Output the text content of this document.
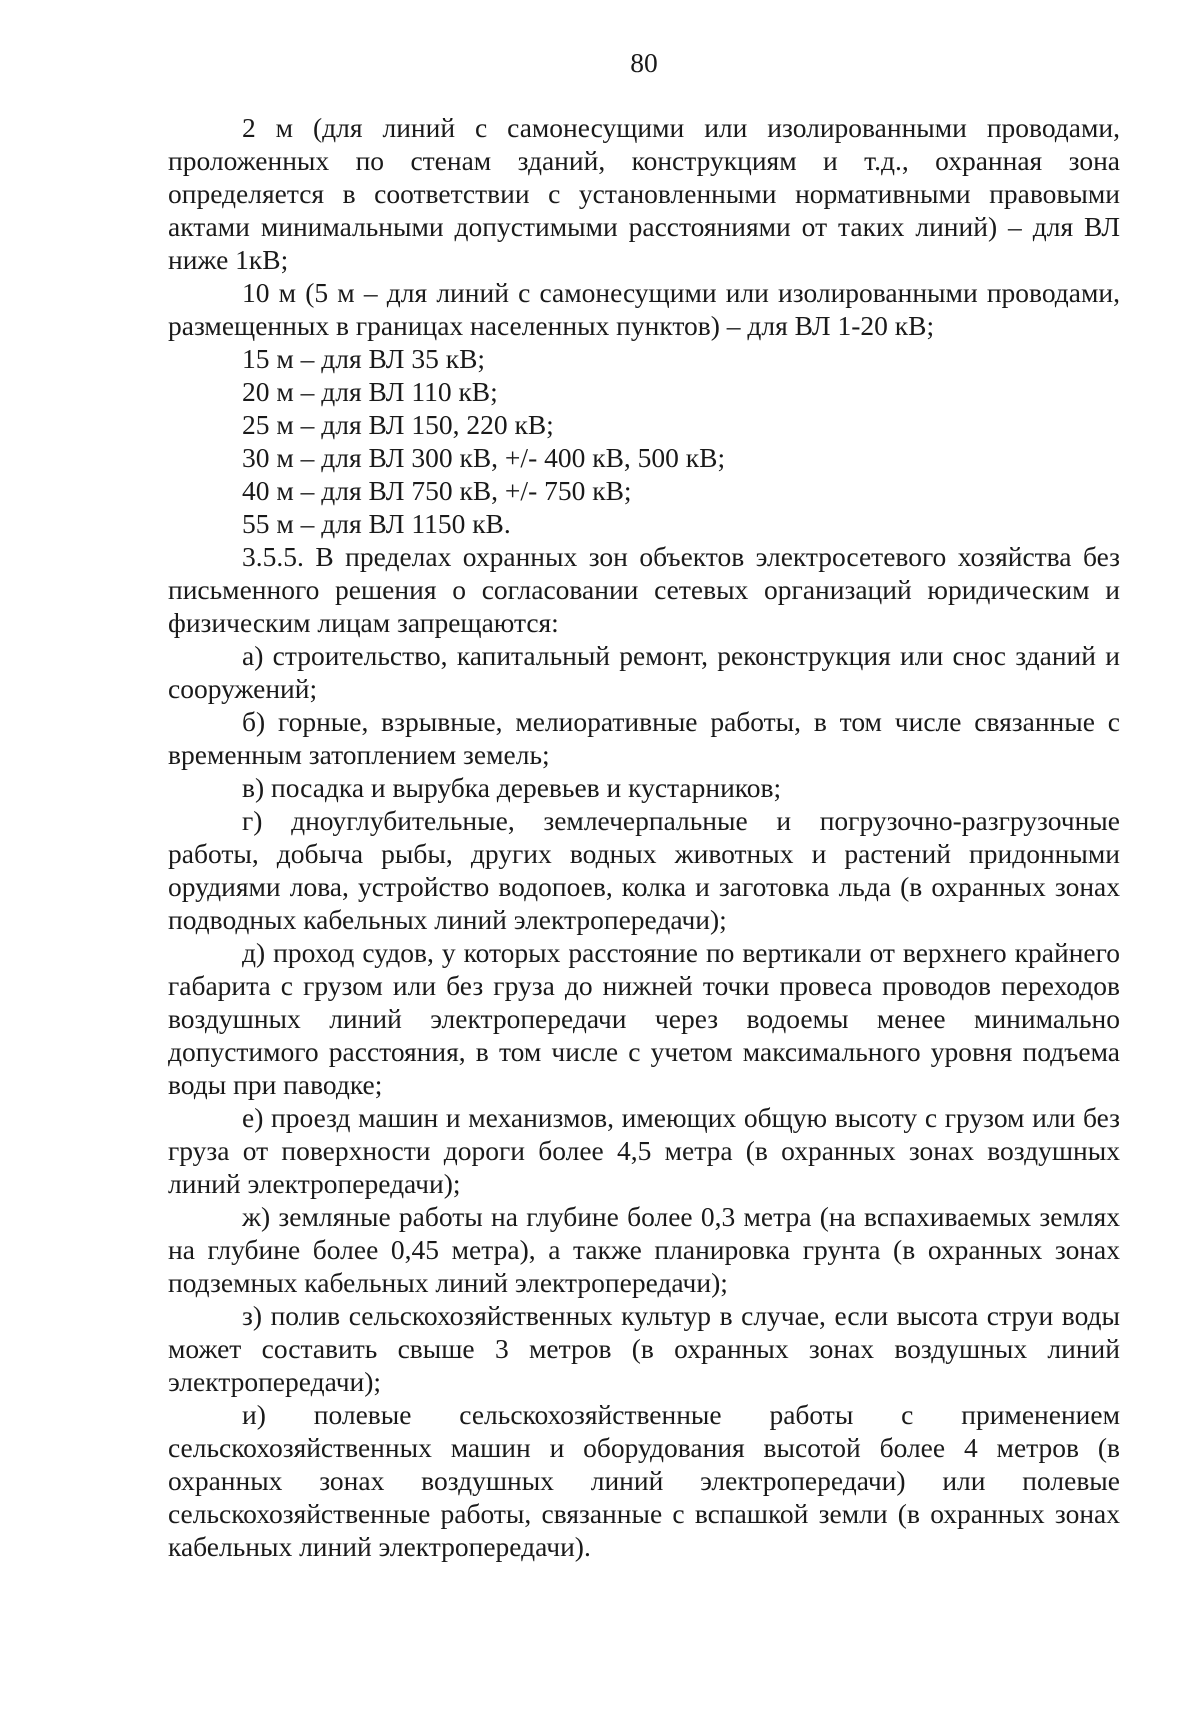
80

2 м (для линий с самонесущими или изолированными проводами, проложенных по стенам зданий, конструкциям и т.д., охранная зона определяется в соответствии с установленными нормативными правовыми актами минимальными допустимыми расстояниями от таких линий) – для ВЛ ниже 1кВ;

10 м (5 м – для линий с самонесущими или изолированными проводами, размещенных в границах населенных пунктов) – для ВЛ 1-20 кВ;

15 м – для ВЛ 35 кВ;

20 м – для ВЛ 110 кВ;

25 м – для ВЛ 150, 220 кВ;

30 м – для ВЛ 300 кВ, +/- 400 кВ, 500 кВ;

40 м – для ВЛ 750 кВ, +/- 750 кВ;

55 м – для ВЛ 1150 кВ.

3.5.5. В пределах охранных зон объектов электросетевого хозяйства без письменного решения о согласовании сетевых организаций юридическим и физическим лицам запрещаются:

а) строительство, капитальный ремонт, реконструкция или снос зданий и сооружений;

б) горные, взрывные, мелиоративные работы, в том числе связанные с временным затоплением земель;

в) посадка и вырубка деревьев и кустарников;

г) дноуглубительные, землечерпальные и погрузочно-разгрузочные работы, добыча рыбы, других водных животных и растений придонными орудиями лова, устройство водопоев, колка и заготовка льда (в охранных зонах подводных кабельных линий электропередачи);

д) проход судов, у которых расстояние по вертикали от верхнего крайнего габарита с грузом или без груза до нижней точки провеса проводов переходов воздушных линий электропередачи через водоемы менее минимально допустимого расстояния, в том числе с учетом максимального уровня подъема воды при паводке;

е) проезд машин и механизмов, имеющих общую высоту с грузом или без груза от поверхности дороги более 4,5 метра (в охранных зонах воздушных линий электропередачи);

ж) земляные работы на глубине более 0,3 метра (на вспахиваемых землях на глубине более 0,45 метра), а также планировка грунта (в охранных зонах подземных кабельных линий электропередачи);

з) полив сельскохозяйственных культур в случае, если высота струи воды может составить свыше 3 метров (в охранных зонах воздушных линий электропередачи);

и) полевые сельскохозяйственные работы с применением сельскохозяйственных машин и оборудования высотой более 4 метров (в охранных зонах воздушных линий электропередачи) или полевые сельскохозяйственные работы, связанные с вспашкой земли (в охранных зонах кабельных линий электропередачи).
